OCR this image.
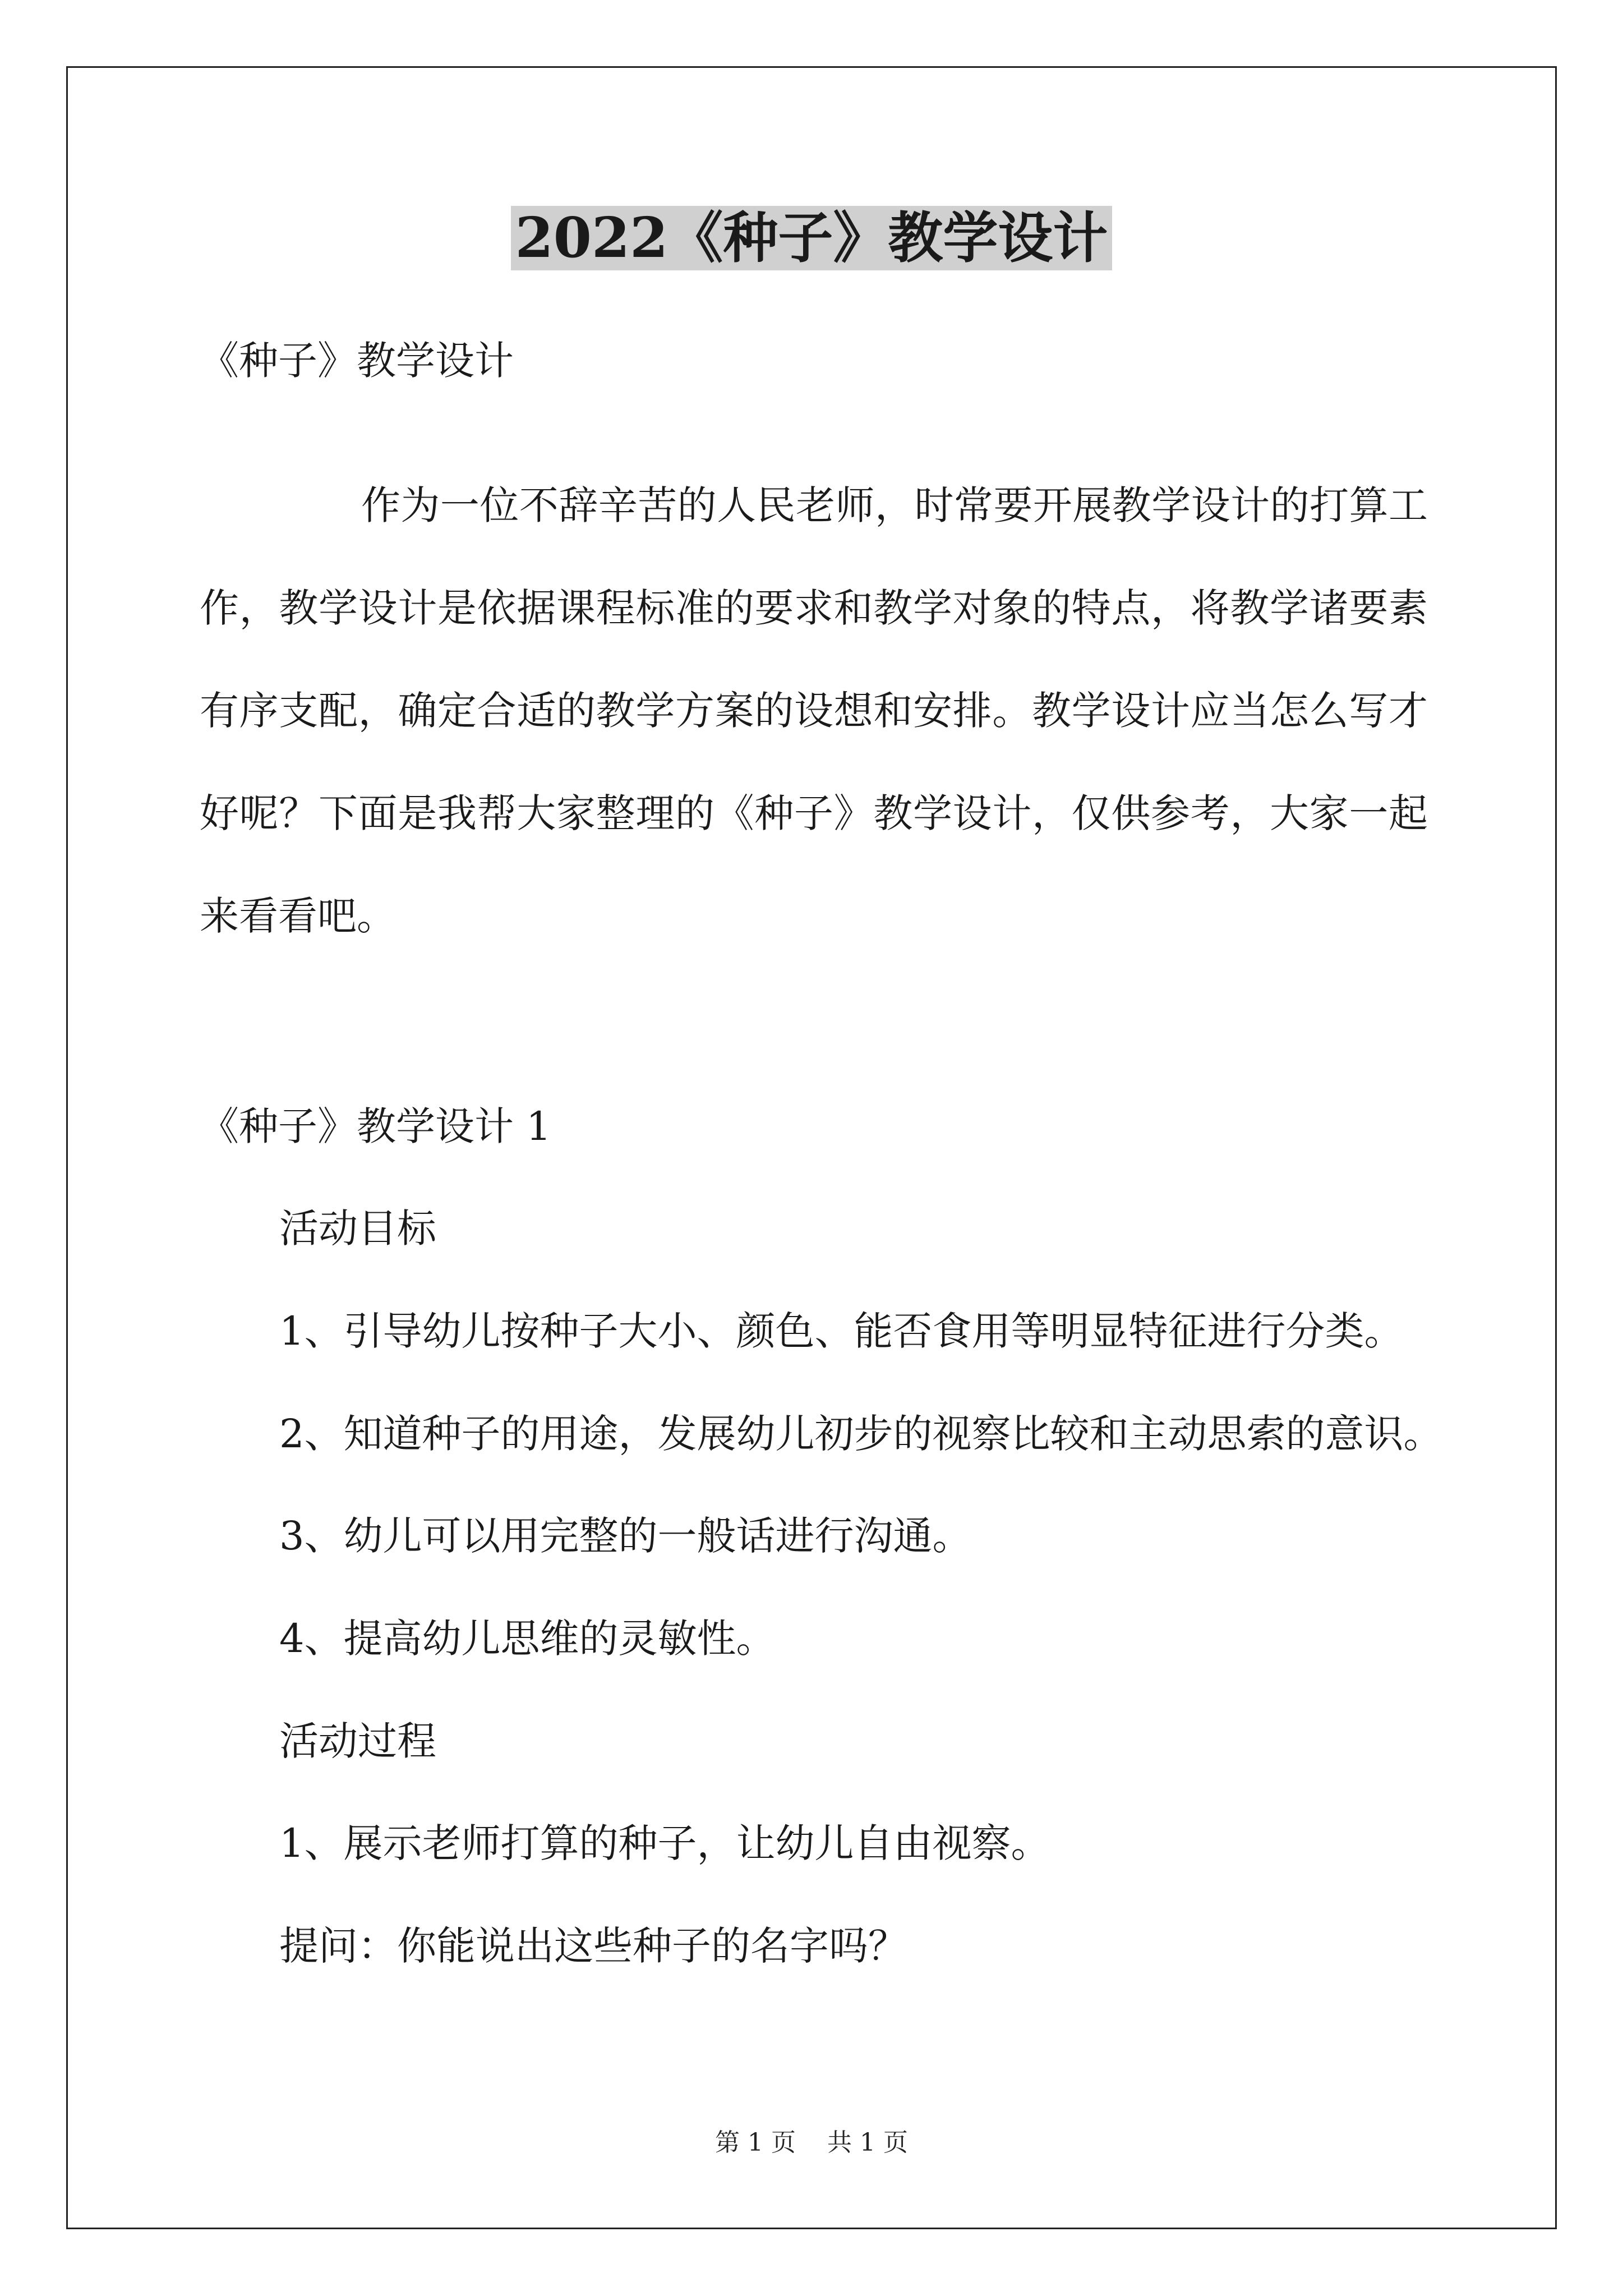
2022《种子》教学设计

《种子》教学设计

作为一位不辞辛苦的人民老师，时常要开展教学设计的打算工作，教学设计是依据课程标准的要求和教学对象的特点，将教学诸要素有序支配，确定合适的教学方案的设想和安排。教学设计应当怎么写才好呢？下面是我帮大家整理的《种子》教学设计，仅供参考，大家一起来看看吧。

《种子》教学设计 1

活动目标

1、引导幼儿按种子大小、颜色、能否食用等明显特征进行分类。

2、知道种子的用途，发展幼儿初步的视察比较和主动思索的意识。

3、幼儿可以用完整的一般话进行沟通。

4、提高幼儿思维的灵敏性。

活动过程

1、展示老师打算的种子，让幼儿自由视察。

提问：你能说出这些种子的名字吗？

第 1 页 共 1 页
